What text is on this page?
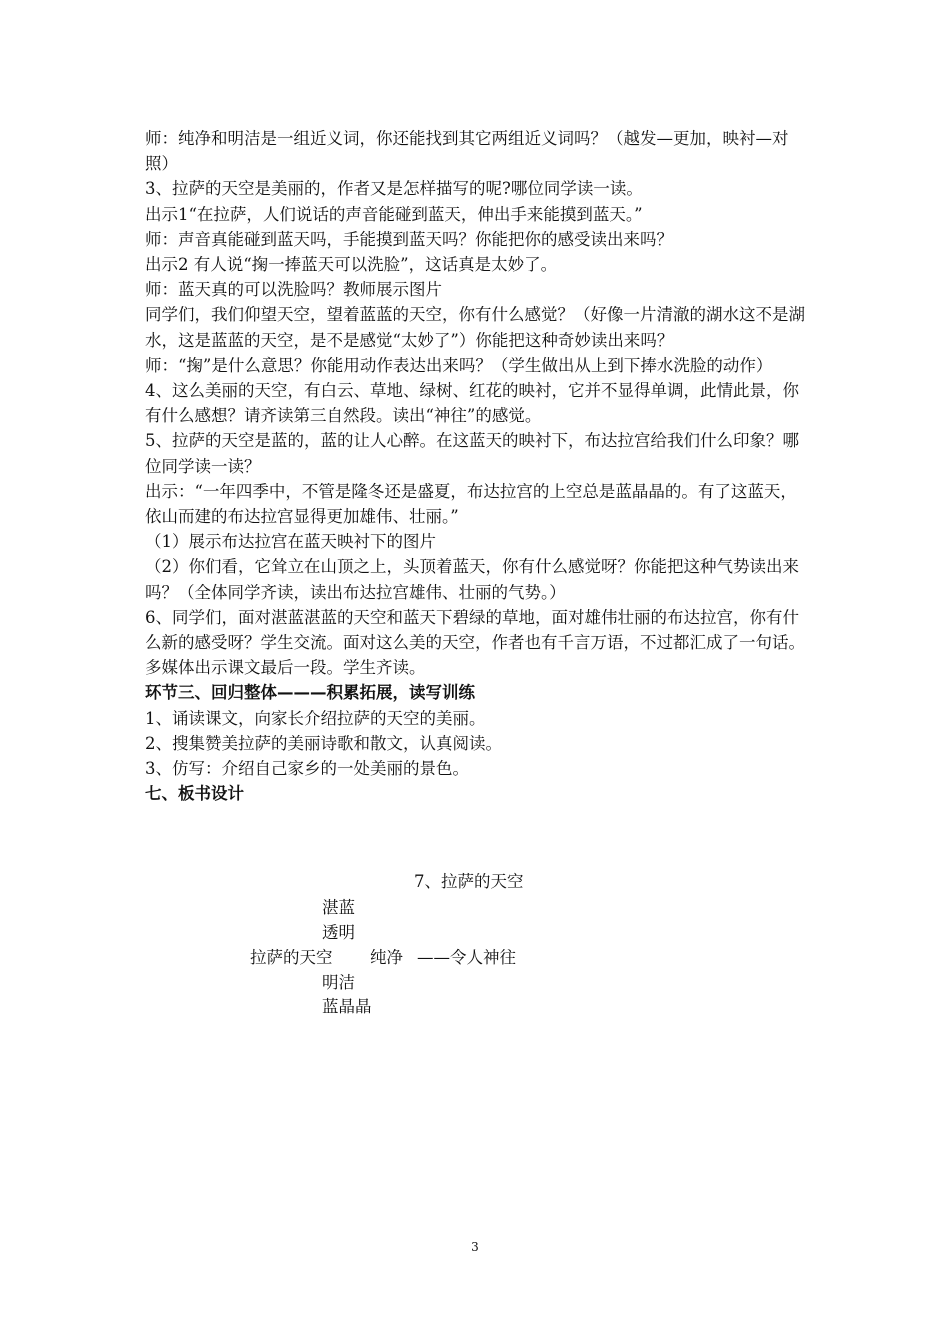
师：纯净和明洁是一组近义词，你还能找到其它两组近义词吗？（越发—更加，映衬—对照）

3、拉萨的天空是美丽的，作者又是怎样描写的呢?哪位同学读一读。

出示1“在拉萨，人们说话的声音能碰到蓝天，伸出手来能摸到蓝天。”

师：声音真能碰到蓝天吗，手能摸到蓝天吗？你能把你的感受读出来吗？

出示2 有人说“掬一捧蓝天可以洗脸”，这话真是太妙了。

师：蓝天真的可以洗脸吗？教师展示图片

同学们，我们仰望天空，望着蓝蓝的天空，你有什么感觉？（好像一片清澈的湖水这不是湖水，这是蓝蓝的天空，是不是感觉“太妙了”）你能把这种奇妙读出来吗？

师：“掬”是什么意思？你能用动作表达出来吗？（学生做出从上到下捧水洗脸的动作）

4、这么美丽的天空，有白云、草地、绿树、红花的映衬，它并不显得单调，此情此景，你有什么感想？请齐读第三自然段。读出“神往”的感觉。

5、拉萨的天空是蓝的，蓝的让人心醉。在这蓝天的映衬下，布达拉宫给我们什么印象？哪位同学读一读？

出示：“一年四季中，不管是隆冬还是盛夏，布达拉宫的上空总是蓝晶晶的。有了这蓝天，依山而建的布达拉宫显得更加雄伟、壮丽。”

（1）展示布达拉宫在蓝天映衬下的图片

（2）你们看，它耸立在山顶之上，头顶着蓝天，你有什么感觉呀？你能把这种气势读出来吗？（全体同学齐读，读出布达拉宫雄伟、壮丽的气势。）

6、同学们，面对湛蓝湛蓝的天空和蓝天下碧绿的草地，面对雄伟壮丽的布达拉宫，你有什么新的感受呀？学生交流。面对这么美的天空，作者也有千言万语，不过都汇成了一句话。多媒体出示课文最后一段。学生齐读。

环节三、回归整体———积累拓展，读写训练

1、诵读课文，向家长介绍拉萨的天空的美丽。

2、搜集赞美拉萨的美丽诗歌和散文，认真阅读。

3、仿写：介绍自己家乡的一处美丽的景色。

七、板书设计

7、拉萨的天空
湛蓝
透明
拉萨的天空 纯净 ——令人神往
明洁
蓝晶晶
3
